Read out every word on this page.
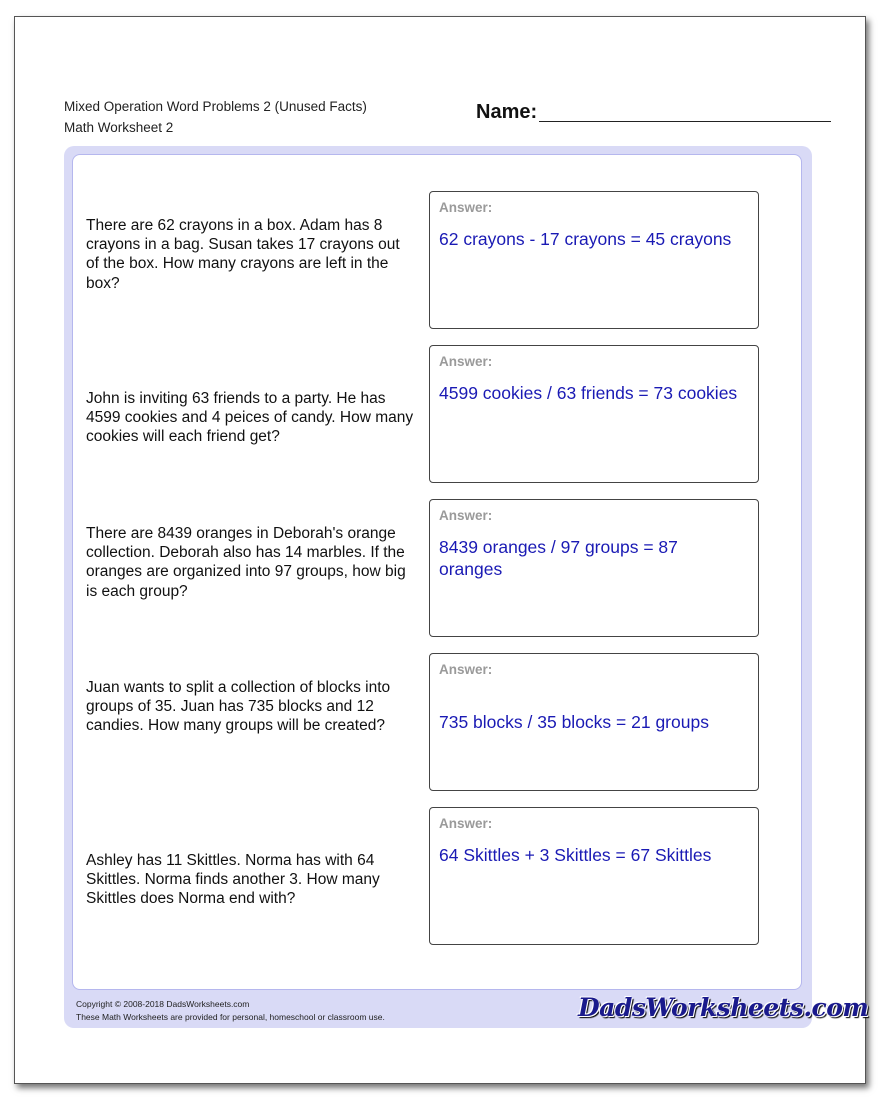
Mixed Operation Word Problems 2 (Unused Facts)
Math Worksheet 2
Name:
There are 62 crayons in a box. Adam has 8 crayons in a bag. Susan takes 17 crayons out of the box. How many crayons are left in the box?
Answer:
62 crayons - 17 crayons = 45 crayons
John is inviting 63 friends to a party. He has 4599 cookies and 4 peices of candy. How many cookies will each friend get?
Answer:
4599 cookies / 63 friends = 73 cookies
There are 8439 oranges in Deborah's orange collection. Deborah also has 14 marbles. If the oranges are organized into 97 groups, how big is each group?
Answer:
8439 oranges / 97 groups = 87 oranges
Juan wants to split a collection of blocks into groups of 35. Juan has 735 blocks and 12 candies. How many groups will be created?
Answer:
735 blocks / 35 blocks = 21 groups
Ashley has 11 Skittles. Norma has with 64 Skittles. Norma finds another 3. How many Skittles does Norma end with?
Answer:
64 Skittles + 3 Skittles = 67 Skittles
Copyright © 2008-2018 DadsWorksheets.com
These Math Worksheets are provided for personal, homeschool or classroom use.	DadsWorksheets.com
